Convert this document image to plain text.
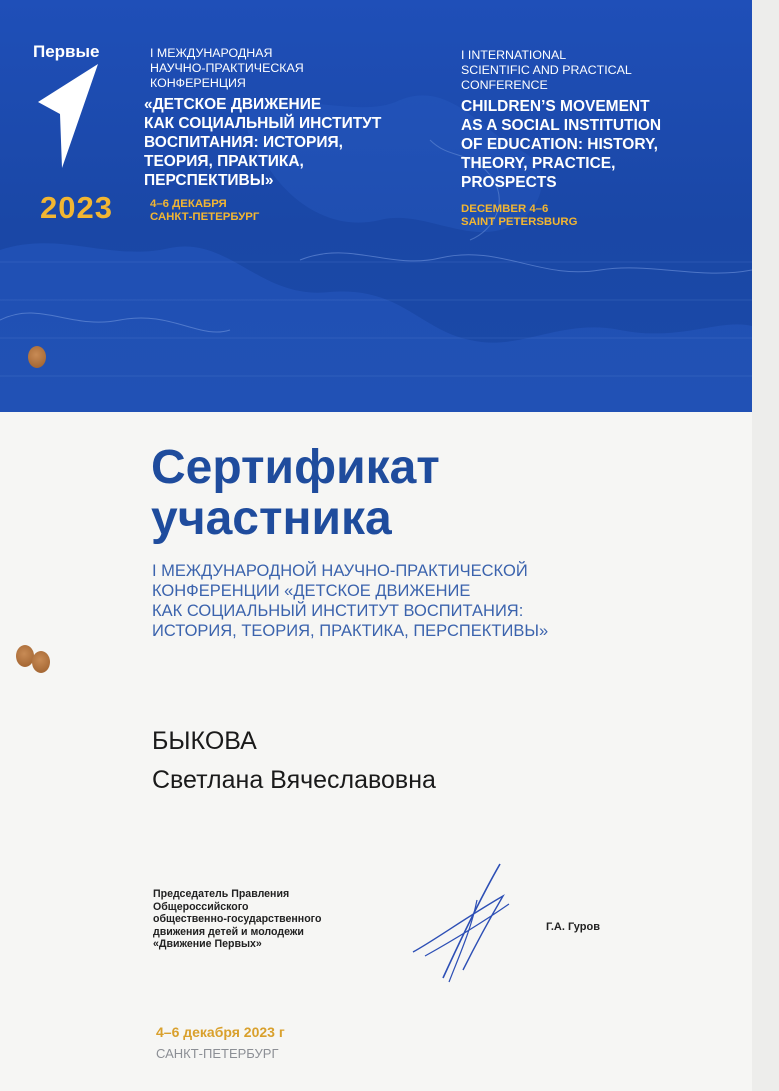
Первые
2023
I МЕЖДУНАРОДНАЯ
НАУЧНО-ПРАКТИЧЕСКАЯ
КОНФЕРЕНЦИЯ
«ДЕТСКОЕ ДВИЖЕНИЕ
КАК СОЦИАЛЬНЫЙ ИНСТИТУТ
ВОСПИТАНИЯ: ИСТОРИЯ,
ТЕОРИЯ, ПРАКТИКА,
ПЕРСПЕКТИВЫ»
4–6 ДЕКАБРЯ
САНКТ-ПЕТЕРБУРГ
I INTERNATIONAL
SCIENTIFIC AND PRACTICAL
CONFERENCE
CHILDREN’S MOVEMENT
AS A SOCIAL INSTITUTION
OF EDUCATION: HISTORY,
THEORY, PRACTICE,
PROSPECTS
DECEMBER 4–6
SAINT PETERSBURG
Сертификат
участника
I МЕЖДУНАРОДНОЙ НАУЧНО-ПРАКТИЧЕСКОЙ
КОНФЕРЕНЦИИ «ДЕТСКОЕ ДВИЖЕНИЕ
КАК СОЦИАЛЬНЫЙ ИНСТИТУТ ВОСПИТАНИЯ:
ИСТОРИЯ, ТЕОРИЯ, ПРАКТИКА, ПЕРСПЕКТИВЫ»
БЫКОВА
Светлана Вячеславовна
Председатель Правления
Общероссийского
общественно-государственного
движения детей и молодежи
«Движение Первых»
Г.А. Гуров
4–6 декабря 2023 г
САНКТ-ПЕТЕРБУРГ
